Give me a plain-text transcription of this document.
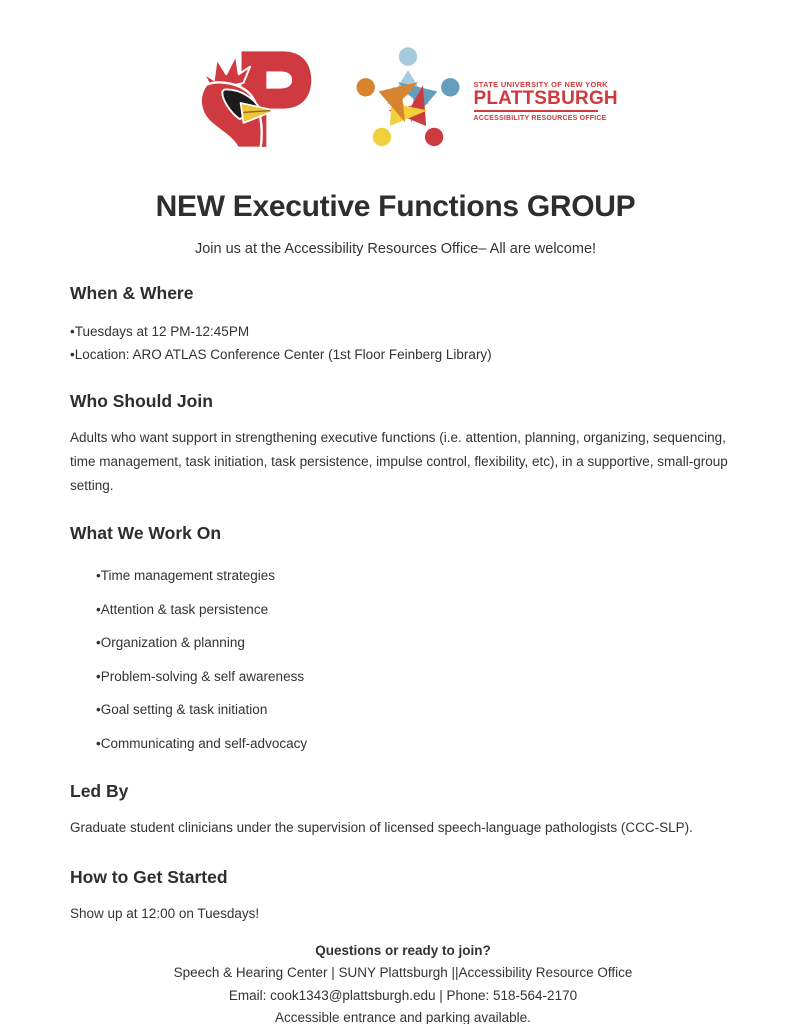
STATE UNIVERSITY OF NEW YORK
PLATTSBURGH
ACCESSIBILITY RESOURCES OFFICE
NEW Executive Functions GROUP

Join us at the Accessibility Resources Office– All are welcome!

When & Where
• Tuesdays at 12 PM-12:45PM
• Location: ARO ATLAS Conference Center (1st Floor Feinberg Library)
Who Should Join

Adults who want support in strengthening executive functions (i.e. attention, planning, organizing, sequencing, time management, task initiation, task persistence, impulse control, flexibility, etc), in a supportive, small-group setting.

What We Work On
• Time management strategies
• Attention & task persistence
• Organization & planning
• Problem-solving & self awareness
• Goal setting & task initiation
• Communicating and self-advocacy
Led By

Graduate student clinicians under the supervision of licensed speech-language pathologists (CCC-SLP).

How to Get Started

Show up at 12:00 on Tuesdays!

Questions or ready to join?
Speech & Hearing Center | SUNY Plattsburgh ||Accessibility Resource Office
Email: cook1343@plattsburgh.edu | Phone: 518-564-2170
Accessible entrance and parking available.
